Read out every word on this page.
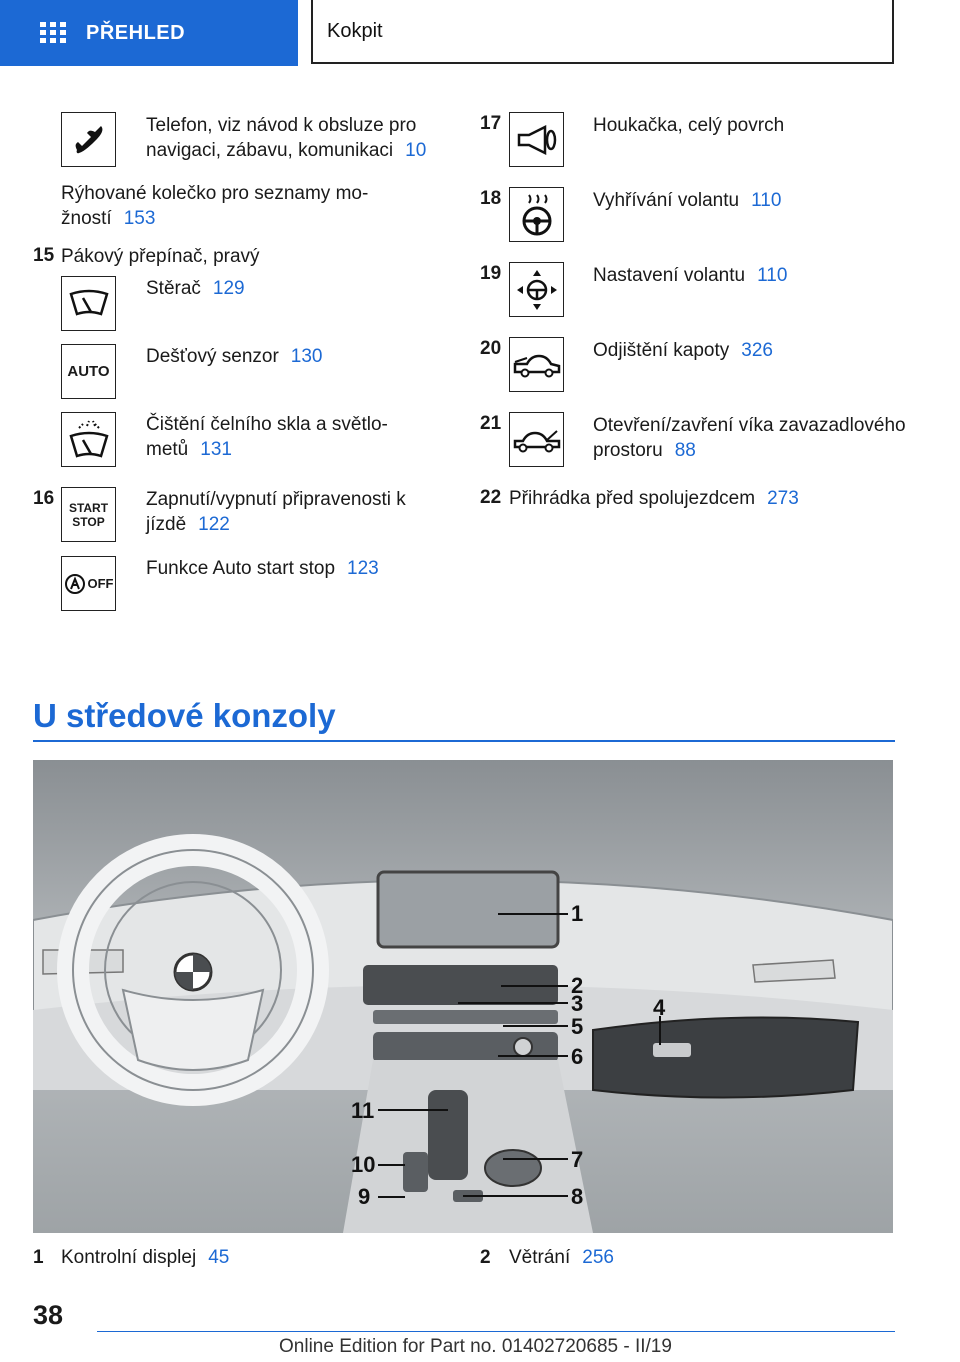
PŘEHLED	Kokpit
Telefon, viz návod k obsluze pro
navigaci, zábavu, komunikaci 10
Rýhované kolečko pro seznamy mo‐
žností 153
15 Pákový přepínač, pravý
Stěrač 129
AUTO
Dešťový senzor 130
Čištění čelního skla a světlo‐
metů 131
16 START
STOP
Zapnutí/vypnutí připravenosti k
jízdě 122
OFF
Funkce Auto start stop 123
17	Houkačka, celý povrch
18	Vyhřívání volantu 110
19	Nastavení volantu 110
20	Odjištění kapoty 326
21	Otevření/zavření víka zavazadlového
prostoru 88
22 Přihrádka před spolujezdcem 273
U středové konzoly
1
2
3	4
5
6
7
8
9
10
11
1 Kontrolní displej 45	2 Větrání 256
38
Online Edition for Part no. 01402720685 - II/19
